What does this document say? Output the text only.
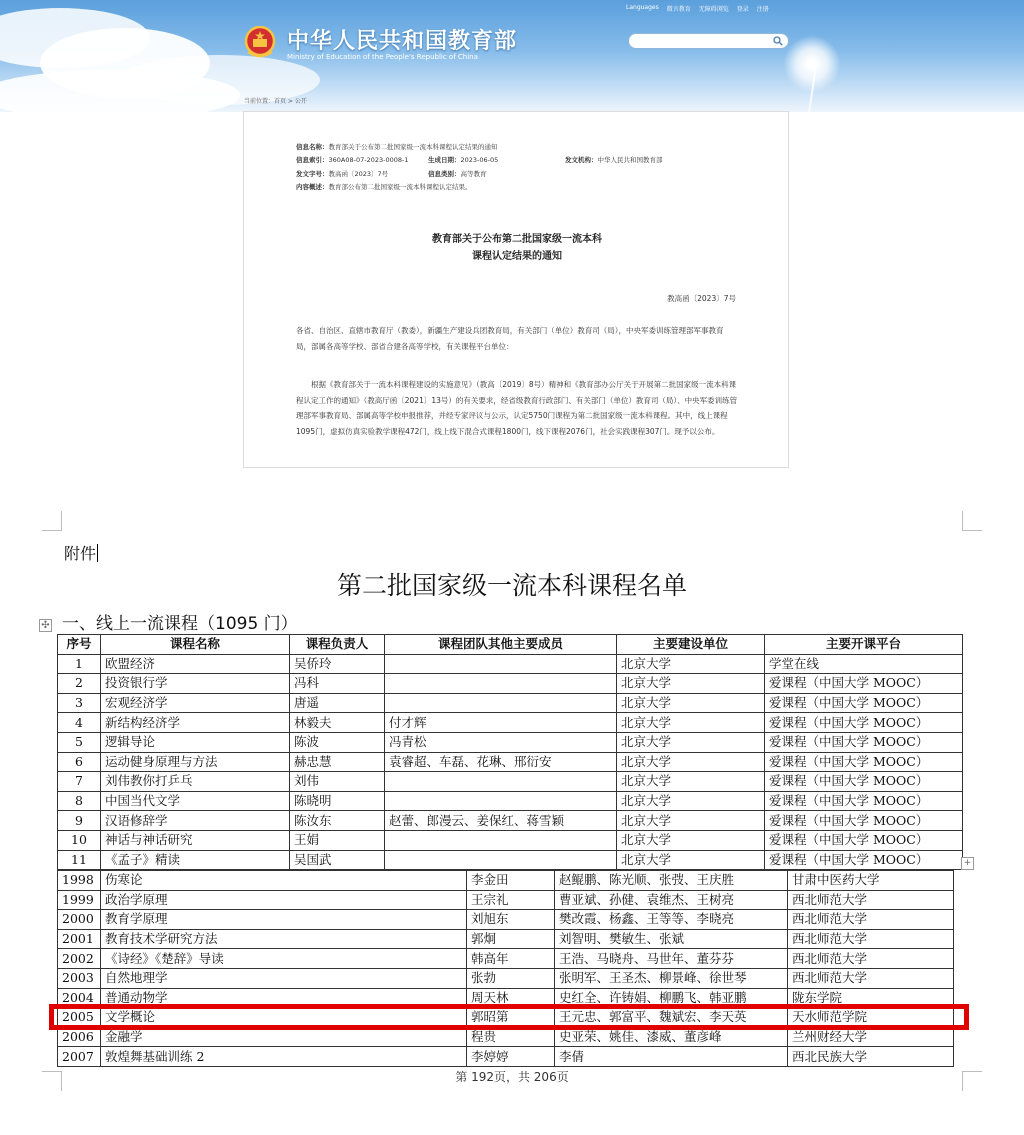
中华人民共和国教育部
Ministry of Education of the People's Republic of China
Languages 微言教育 无障碍浏览 登录 注册
当前位置：首页 > 公开
信息名称：教育部关于公布第二批国家级一流本科课程认定结果的通知
信息索引：360A08-07-2023-0008-1	生成日期：2023-06-05	发文机构：中华人民共和国教育部
发文字号：教高函〔2023〕7号	信息类别：高等教育
内容概述：教育部公布第二批国家级一流本科课程认定结果。
教育部关于公布第二批国家级一流本科
课程认定结果的通知
教高函〔2023〕7号
各省、自治区、直辖市教育厅（教委），新疆生产建设兵团教育局，有关部门（单位）教育司（局），中央军委训练管理部军事教育局，部属各高等学校、部省合建各高等学校，有关课程平台单位：
根据《教育部关于一流本科课程建设的实施意见》（教高〔2019〕8号）精神和《教育部办公厅关于开展第二批国家级一流本科课程认定工作的通知》（教高厅函〔2021〕13号）的有关要求，经省级教育行政部门、有关部门（单位）教育司（局）、中央军委训练管理部军事教育局、部属高等学校申报推荐，并经专家评议与公示，认定5750门课程为第二批国家级一流本科课程。其中，线上课程1095门，虚拟仿真实验教学课程472门，线上线下混合式课程1800门，线下课程2076门，社会实践课程307门。现予以公布。
附件
第二批国家级一流本科课程名单
✣ 一、线上一流课程（1095 门）
序号	课程名称	课程负责人	课程团队其他主要成员	主要建设单位	主要开课平台
1	欧盟经济	吴侨玲		北京大学	学堂在线
2	投资银行学	冯科		北京大学	爱课程（中国大学 MOOC）
3	宏观经济学	唐遥		北京大学	爱课程（中国大学 MOOC）
4	新结构经济学	林毅夫	付才辉	北京大学	爱课程（中国大学 MOOC）
5	逻辑导论	陈波	冯青松	北京大学	爱课程（中国大学 MOOC）
6	运动健身原理与方法	赫忠慧	袁睿超、车磊、花琳、邢衍安	北京大学	爱课程（中国大学 MOOC）
7	刘伟教你打乒乓	刘伟		北京大学	爱课程（中国大学 MOOC）
8	中国当代文学	陈晓明		北京大学	爱课程（中国大学 MOOC）
9	汉语修辞学	陈汝东	赵蕾、郎漫云、姜保红、蒋雪颖	北京大学	爱课程（中国大学 MOOC）
10	神话与神话研究	王娟		北京大学	爱课程（中国大学 MOOC）
11	《孟子》精读	吴国武		北京大学	爱课程（中国大学 MOOC）	+
1998	伤寒论	李金田	赵鲲鹏、陈光顺、张弢、王庆胜	甘肃中医药大学
1999	政治学原理	王宗礼	曹亚斌、孙健、袁维杰、王树亮	西北师范大学
2000	教育学原理	刘旭东	樊改霞、杨鑫、王等等、李晓亮	西北师范大学
2001	教育技术学研究方法	郭炯	刘智明、樊敏生、张斌	西北师范大学
2002	《诗经》《楚辞》导读	韩高年	王浩、马晓舟、马世年、董芬芬	西北师范大学
2003	自然地理学	张勃	张明军、王圣杰、柳景峰、徐世琴	西北师范大学
2004	普通动物学	周天林	史红全、许铸娟、柳鹏飞、韩亚鹏	陇东学院
2005	文学概论	郭昭第	王元忠、郭富平、魏斌宏、李天英	天水师范学院
2006	金融学	程贵	史亚荣、姚佳、漆威、董彦峰	兰州财经大学
2007	敦煌舞基础训练 2	李婷婷	李倩	西北民族大学
第 192页，共 206页
